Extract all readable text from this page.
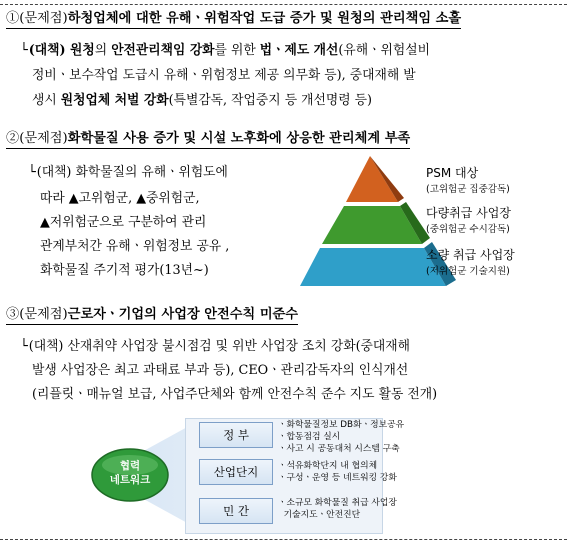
①(문제점)하청업체에 대한 유해ㆍ위험작업 도급 증가 및 원청의 관리책임 소홀
└(대책) 원청의 안전관리책임 강화를 위한 법ㆍ제도 개선(유해ㆍ위험설비
정비ㆍ보수작업 도급시 유해ㆍ위험정보 제공 의무화 등), 중대재해 발
생시 원청업체 처벌 강화(특별감독, 작업중지 등 개선명령 등)
②(문제점)화학물질 사용 증가 및 시설 노후화에 상응한 관리체계 부족
└(대책) 화학물질의 유해ㆍ위험도에
따라 ▲고위험군, ▲중위험군,
▲저위험군으로 구분하여 관리
관계부처간 유해ㆍ위험정보 공유 ,
화학물질 주기적 평가(13년~)
PSM 대상
(고위험군 집중감독)
다량취급 사업장
(중위험군 수시감독)
소량 취급 사업장
(저위험군 기술지원)
③(문제점)근로자ㆍ기업의 사업장 안전수칙 미준수
└(대책) 산재취약 사업장 불시점검 및 위반 사업장 조치 강화(중대재해
발생 사업장은 최고 과태료 부과 등), CEOㆍ관리감독자의 인식개선
(리플릿ㆍ매뉴얼 보급, 사업주단체와 함께 안전수칙 준수 지도 활동 전개)
협력
네트워크
정 부
ㆍ화학물질정보 DB화ㆍ정보공유
ㆍ합동점검 실시
ㆍ사고 시 공동대처 시스템 구축
산업단지	ㆍ석유화학단지 내 협의체
ㆍ구성ㆍ운영 등 네트워킹 강화
민 간
ㆍ소규모 화학물질 취급 사업장
기술지도ㆍ안전진단
